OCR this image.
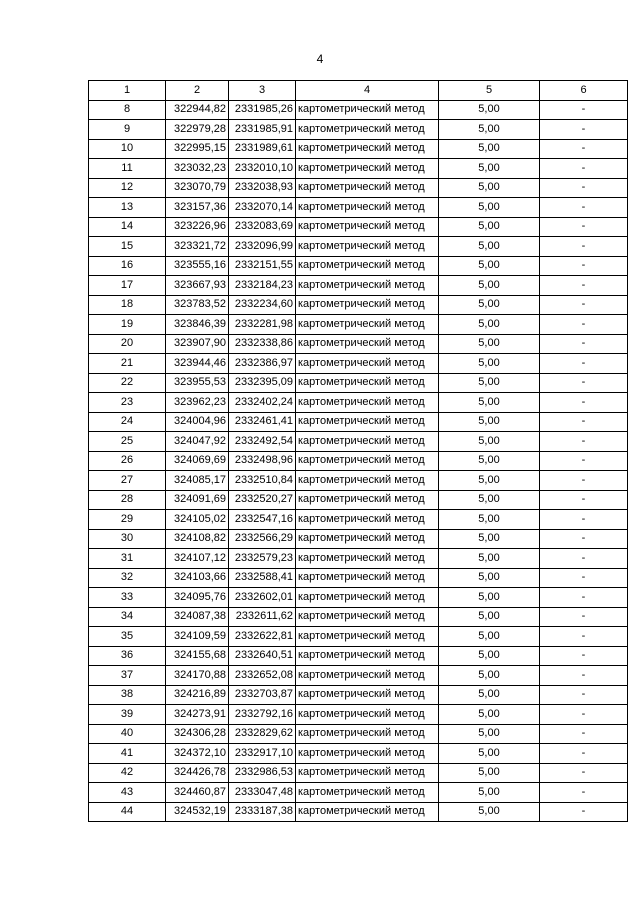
4
1	2	3	4	5	6
8	322944,82	2331985,26	картометрический метод	5,00	-
9	322979,28	2331985,91	картометрический метод	5,00	-
10	322995,15	2331989,61	картометрический метод	5,00	-
11	323032,23	2332010,10	картометрический метод	5,00	-
12	323070,79	2332038,93	картометрический метод	5,00	-
13	323157,36	2332070,14	картометрический метод	5,00	-
14	323226,96	2332083,69	картометрический метод	5,00	-
15	323321,72	2332096,99	картометрический метод	5,00	-
16	323555,16	2332151,55	картометрический метод	5,00	-
17	323667,93	2332184,23	картометрический метод	5,00	-
18	323783,52	2332234,60	картометрический метод	5,00	-
19	323846,39	2332281,98	картометрический метод	5,00	-
20	323907,90	2332338,86	картометрический метод	5,00	-
21	323944,46	2332386,97	картометрический метод	5,00	-
22	323955,53	2332395,09	картометрический метод	5,00	-
23	323962,23	2332402,24	картометрический метод	5,00	-
24	324004,96	2332461,41	картометрический метод	5,00	-
25	324047,92	2332492,54	картометрический метод	5,00	-
26	324069,69	2332498,96	картометрический метод	5,00	-
27	324085,17	2332510,84	картометрический метод	5,00	-
28	324091,69	2332520,27	картометрический метод	5,00	-
29	324105,02	2332547,16	картометрический метод	5,00	-
30	324108,82	2332566,29	картометрический метод	5,00	-
31	324107,12	2332579,23	картометрический метод	5,00	-
32	324103,66	2332588,41	картометрический метод	5,00	-
33	324095,76	2332602,01	картометрический метод	5,00	-
34	324087,38	2332611,62	картометрический метод	5,00	-
35	324109,59	2332622,81	картометрический метод	5,00	-
36	324155,68	2332640,51	картометрический метод	5,00	-
37	324170,88	2332652,08	картометрический метод	5,00	-
38	324216,89	2332703,87	картометрический метод	5,00	-
39	324273,91	2332792,16	картометрический метод	5,00	-
40	324306,28	2332829,62	картометрический метод	5,00	-
41	324372,10	2332917,10	картометрический метод	5,00	-
42	324426,78	2332986,53	картометрический метод	5,00	-
43	324460,87	2333047,48	картометрический метод	5,00	-
44	324532,19	2333187,38	картометрический метод	5,00	-
